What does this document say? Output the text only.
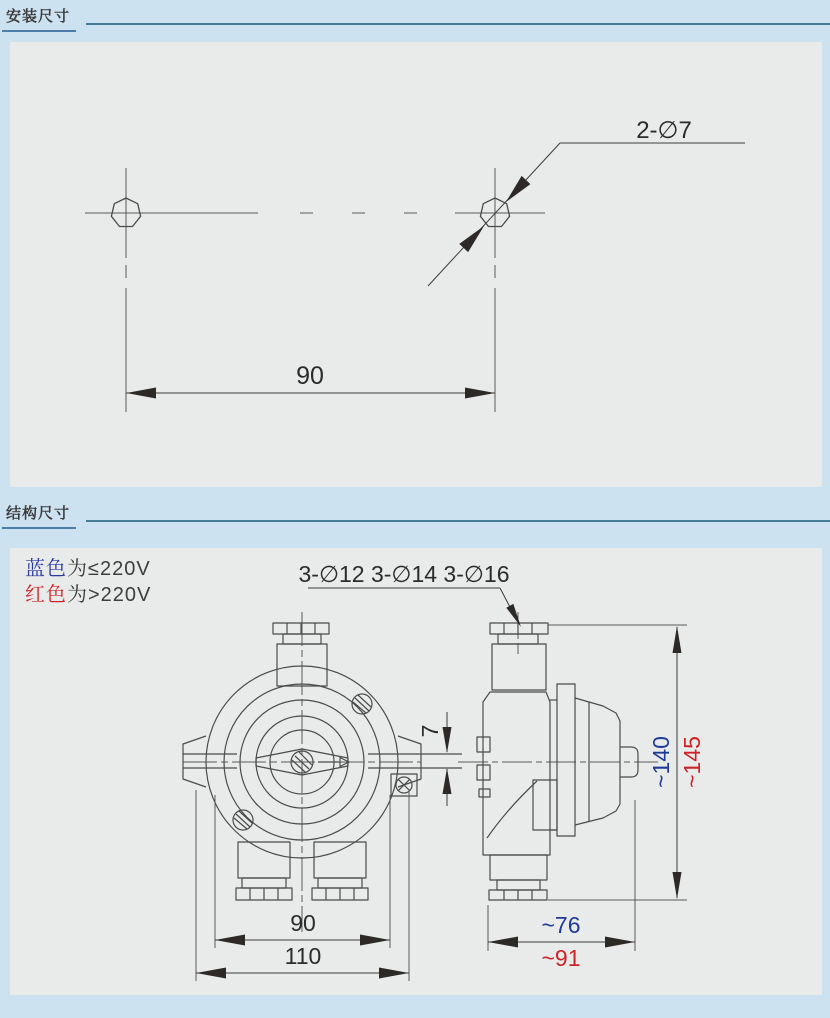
安装尺寸
2-∅7
90
结构尺寸
7
90
110
3-∅12 3-∅14 3-∅16
~140 ~145
~76
~91
蓝色为≤220V
红色为>220V
